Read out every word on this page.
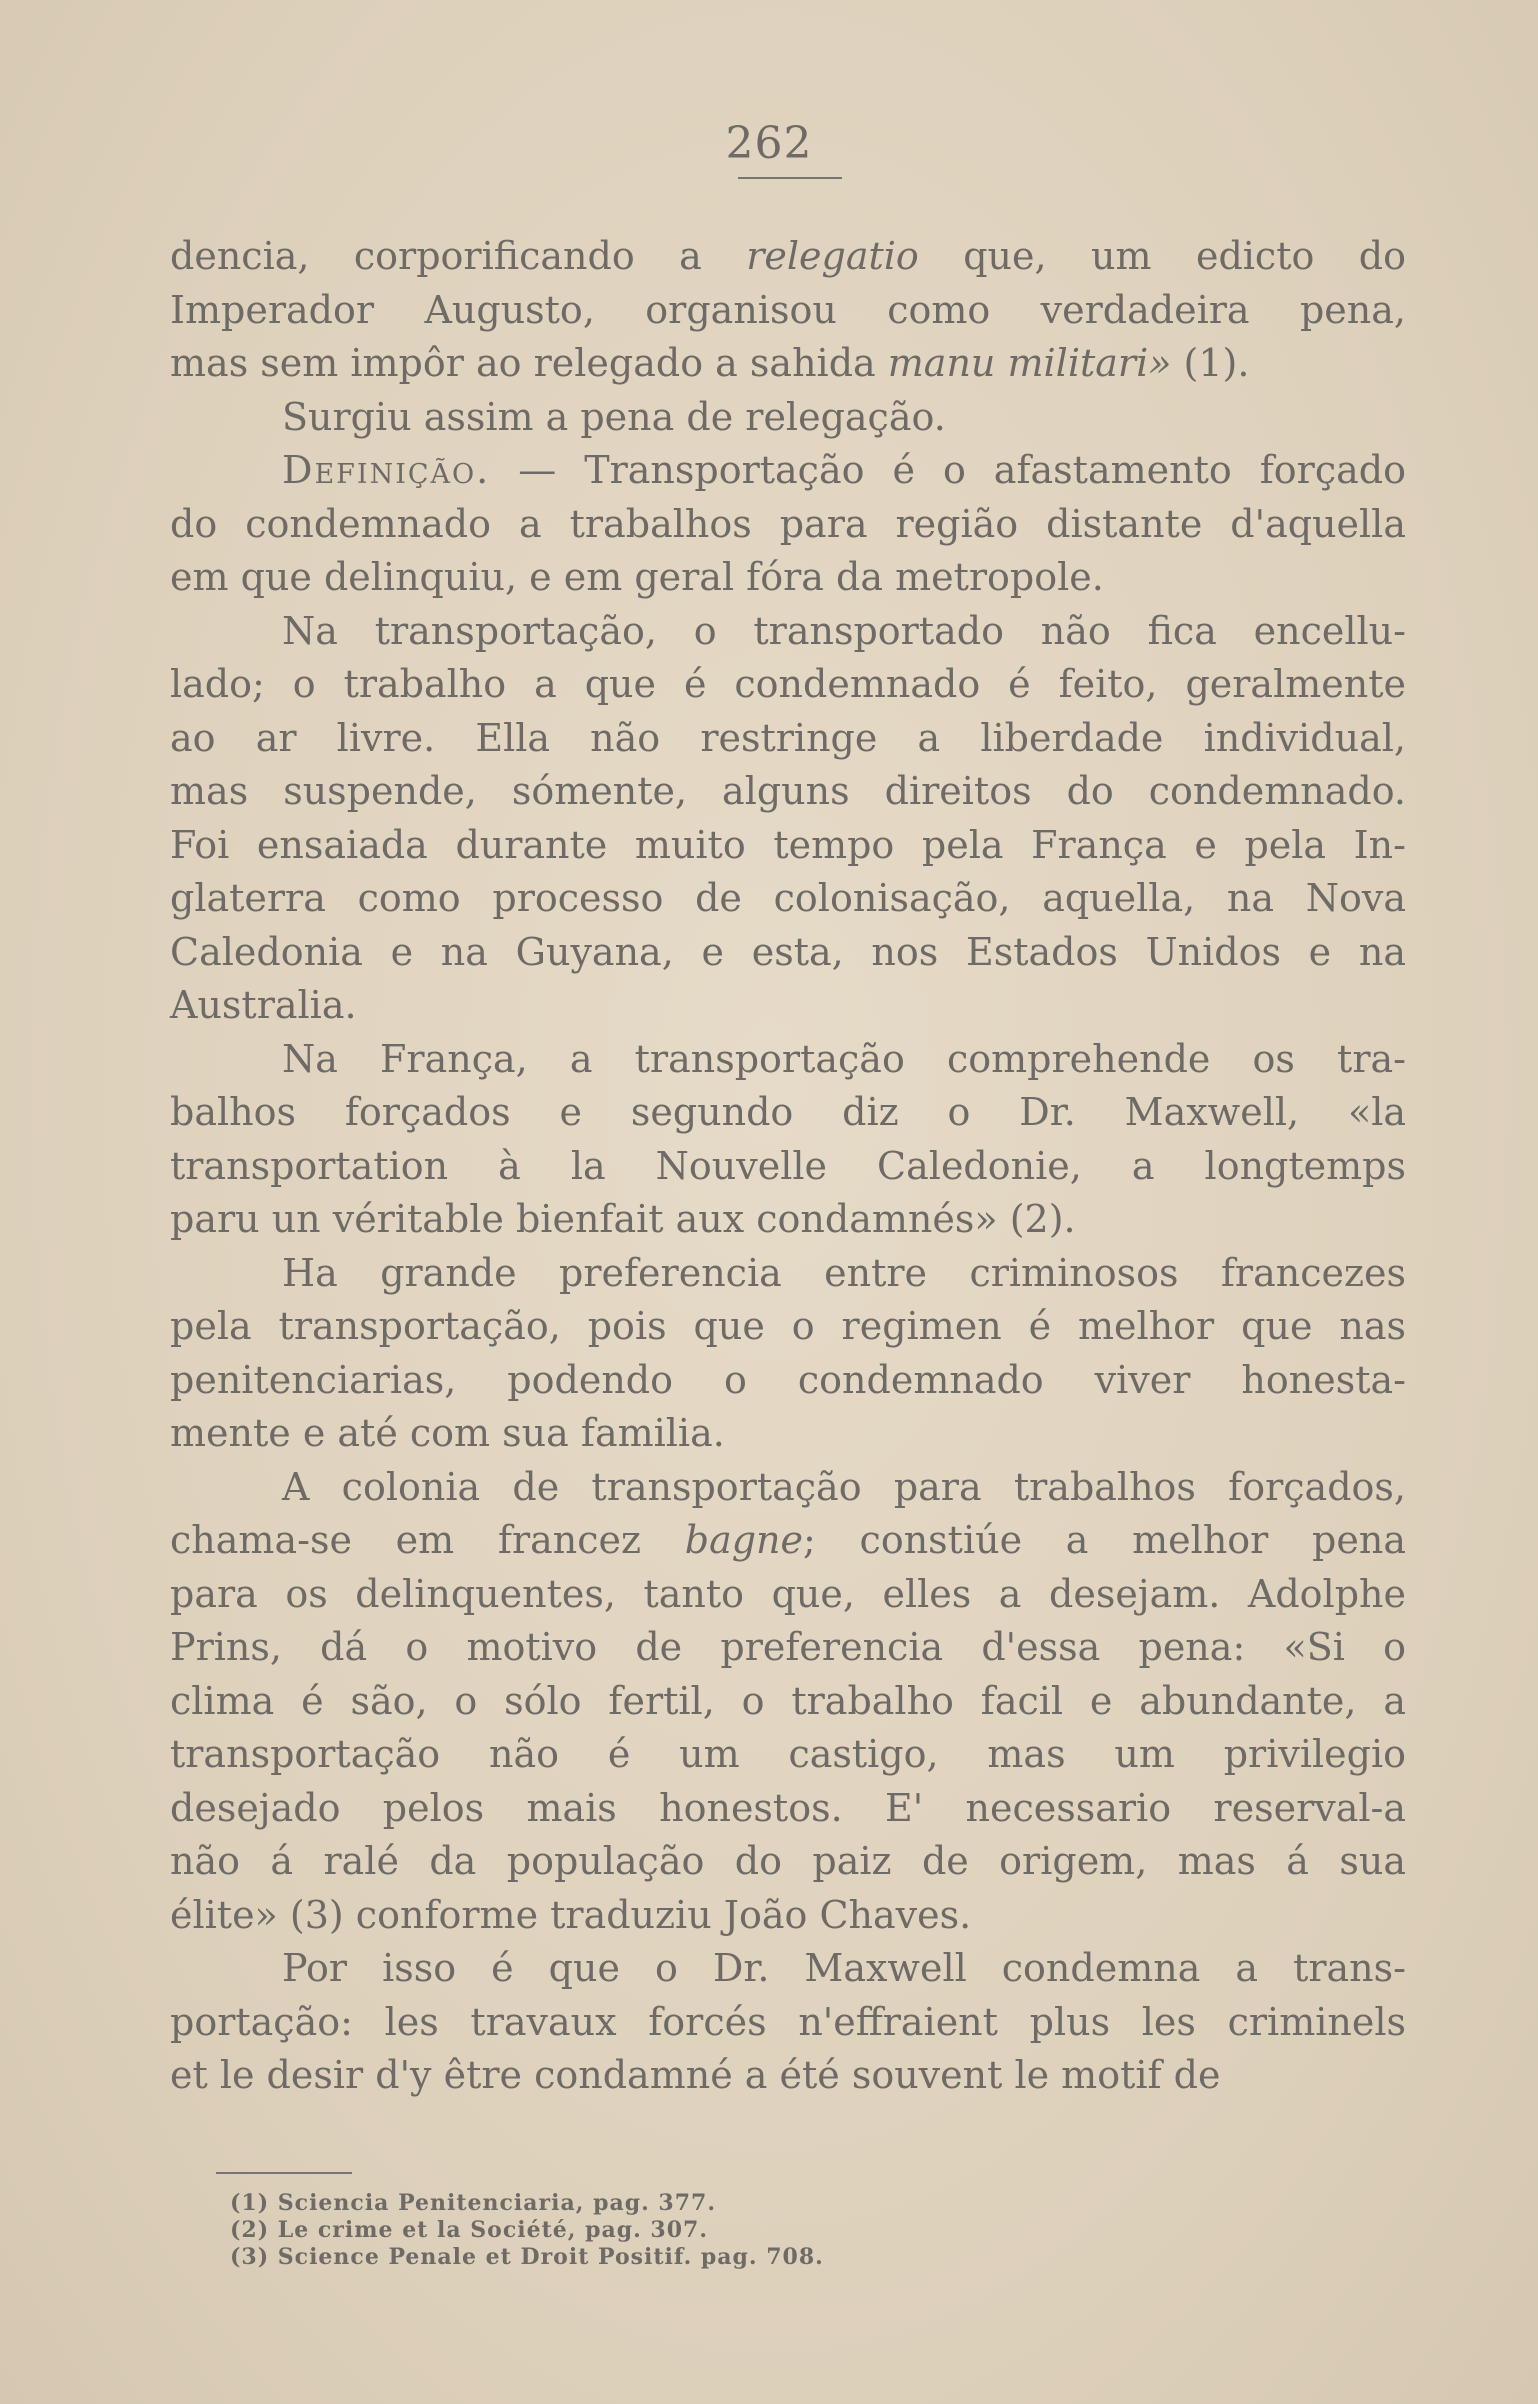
262
dencia, corporificando a relegatio que, um edicto do
Imperador Augusto, organisou como verdadeira pena,
mas sem impôr ao relegado a sahida manu militari» (1).
Surgiu assim a pena de relegação.
Definição. — Transportação é o afastamento forçado
do condemnado a trabalhos para região distante d'aquella
em que delinquiu, e em geral fóra da metropole.
Na transportação, o transportado não fica encellu-
lado; o trabalho a que é condemnado é feito, geralmente
ao ar livre. Ella não restringe a liberdade individual,
mas suspende, sómente, alguns direitos do condemnado.
Foi ensaiada durante muito tempo pela França e pela In-
glaterra como processo de colonisação, aquella, na Nova
Caledonia e na Guyana, e esta, nos Estados Unidos e na
Australia.
Na França, a transportação comprehende os tra-
balhos forçados e segundo diz o Dr. Maxwell, «la
transportation à la Nouvelle Caledonie, a longtemps
paru un véritable bienfait aux condamnés» (2).
Ha grande preferencia entre criminosos francezes
pela transportação, pois que o regimen é melhor que nas
penitenciarias, podendo o condemnado viver honesta-
mente e até com sua familia.
A colonia de transportação para trabalhos forçados,
chama-se em francez bagne; constiúe a melhor pena
para os delinquentes, tanto que, elles a desejam. Adolphe
Prins, dá o motivo de preferencia d'essa pena: «Si o
clima é são, o sólo fertil, o trabalho facil e abundante, a
transportação não é um castigo, mas um privilegio
desejado pelos mais honestos. E' necessario reserval-a
não á ralé da população do paiz de origem, mas á sua
élite» (3) conforme traduziu João Chaves.
Por isso é que o Dr. Maxwell condemna a trans-
portação: les travaux forcés n'effraient plus les criminels
et le desir d'y être condamné a été souvent le motif de
(1) Sciencia Penitenciaria, pag. 377.
(2) Le crime et la Société, pag. 307.
(3) Science Penale et Droit Positif. pag. 708.
